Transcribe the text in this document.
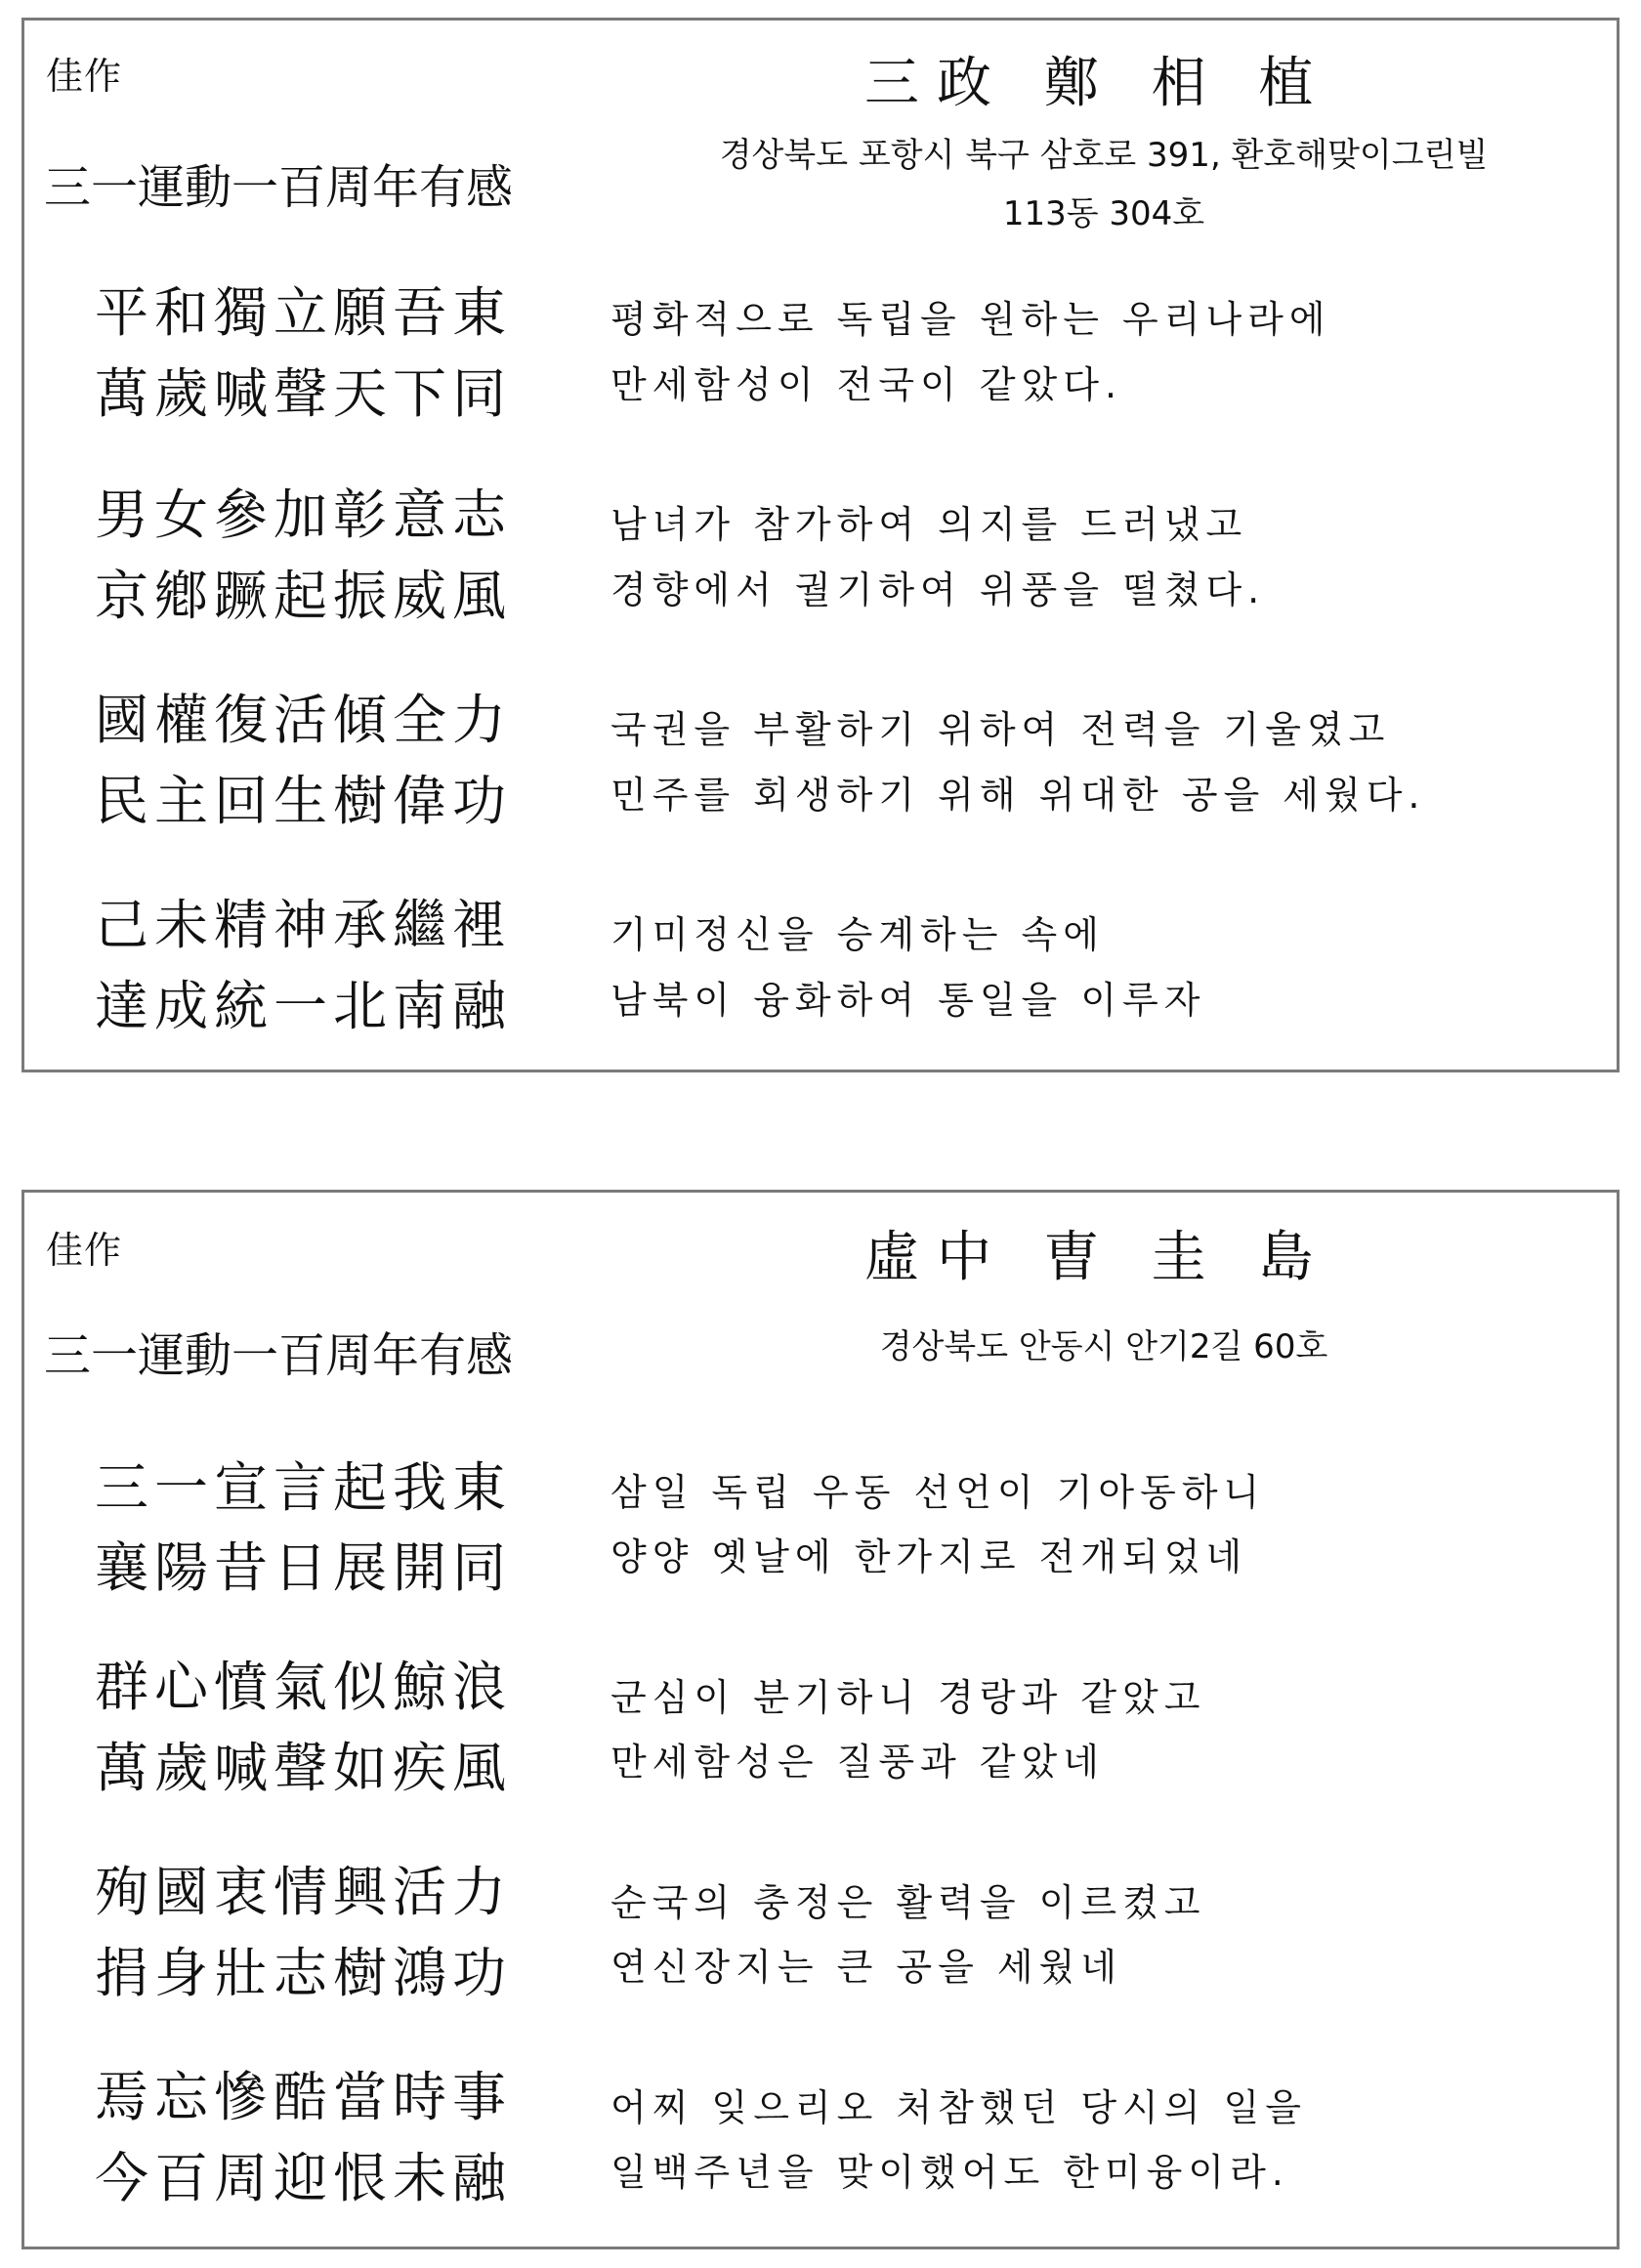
佳作
三一運動一百周年有感
三政 鄭 相 植
경상북도 포항시 북구 삼호로 391, 환호해맞이그린빌
113동 304호
平和獨立願吾東
萬歲喊聲天下同
평화적으로 독립을 원하는 우리나라에
만세함성이 전국이 같았다.
男女參加彰意志
京鄕蹶起振威風
남녀가 참가하여 의지를 드러냈고
경향에서 궐기하여 위풍을 떨쳤다.
國權復活傾全力
民主回生樹偉功
국권을 부활하기 위하여 전력을 기울였고
민주를 회생하기 위해 위대한 공을 세웠다.
己未精神承繼裡
達成統一北南融
기미정신을 승계하는 속에
남북이 융화하여 통일을 이루자
佳作
三一運動一百周年有感
虛中 曺 圭 島
경상북도 안동시 안기2길 60호
三一宣言起我東
襄陽昔日展開同
삼일 독립 우동 선언이 기아동하니
양양 옛날에 한가지로 전개되었네
群心憤氣似鯨浪
萬歲喊聲如疾風
군심이 분기하니 경랑과 같았고
만세함성은 질풍과 같았네
殉國衷情興活力
捐身壯志樹鴻功
순국의 충정은 활력을 이르켰고
연신장지는 큰 공을 세웠네
焉忘慘酷當時事
今百周迎恨未融
어찌 잊으리오 처참했던 당시의 일을
일백주년을 맞이했어도 한미융이라.
